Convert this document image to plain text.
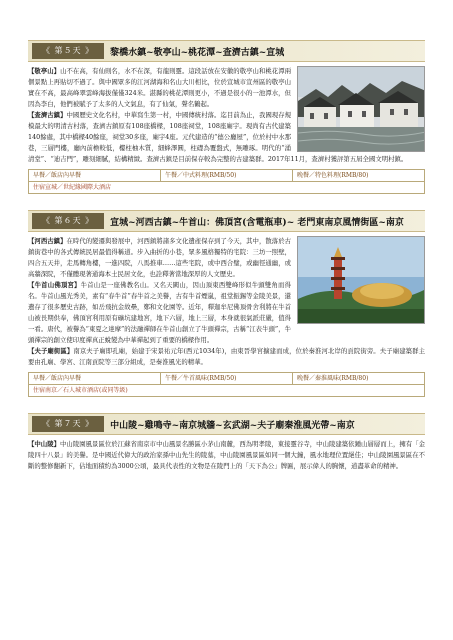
《 第５天 》	黎橋水鎮~敬亭山~桃花潭~查濟古鎮~宣城

【敬亭山】山不在高，有仙則名，水不在深，有龍則靈。這段話放在安徽的敬亭山和桃花潭兩個景點上再貼切不過了。與中國眾多的江河湖海和名山大川相比，位於宣城市宣州區的敬亭山實在不高，最高峰翠雲峰海拔僅僅324米。湛縣的桃花潭則更小，不過是很小的一池潭水，但因為李白，他們被賦予了太多的人文氣息，有了仙氣，聲名鶴起。

【查濟古鎮】中國歷史文化名村，中華寫生第一村，中國傳統村落。迄目前為止，我國現存規模最大的明清古村落，查濟古鎮原有108座橋樑，108座祠堂，108座廟宇。現尚有古代建築140餘處，其中橋樑40餘座，祠堂30多座，廟宇4座。元代建造的“德公廳屋”，位於村中水那巷，三層門樓，廳內前檐較低，樓柱柚木質，細蜂澤圓，柱礎為覆盤式，無雕琢。明代的“涌清堂”、“迪吉門”，雕刻細膩，結構精緻。查濟古鎮是目前保存較為完整的古建築群。2017年11月，查濟村獲評第五屆全國文明村鎮。

早餐／飯店內早餐	午餐／中式料理(RMB/50)	晚餐／特色料理(RMB/80)
住宿宣城／世紀緣國際大酒店
《 第６天 》	宣城~河西古鎮~牛首山：佛頂宮(含電瓶車)~ 老門東南京風情街區~南京

【河西古鎮】在時代的變遷與發展中，河西鎮將諸多文化遺產保存到了今天，其中，散落於古鎮街巷中的各式傳統民居最值得稱道。步入曲折的小巷，眾多風格獨特的宅院：三坊一照壁，四合五天井，走馬轉角樓，一進四院，八馬推車……這些宅院，或中西合璧，或幽徑通幽，或高牆深院，不僅體現著通海本土民居文化，也詮釋著當地深厚的人文歷史。

【牛首山佛頂宮】牛首山是一座佛教名山。又名天闕山，因山頂東西雙峰形似牛頭雙角而得名。牛首山風光秀美，素有“春牛首”春牛首之美譽，古有牛首煙嵐，祖堂振錫等金陵美景，還遺存了很多歷史古跡，如岳飛抗金故壘，鄭和文化園等。近年，釋迦牟尼佛頂骨舍利將在牛首山被長期供奉，佛頂宮利用原有礦坑建地宮，地下六層，地上三層，本身就很氣派莊嚴，值得一看。唐代，被譽為“東夏之達摩”的法融禪師在牛首山創立了牛頭禪宗，古稱“江表牛頭”，牛頭禪宗的創立使印度禪真正蛻變為中華禪起到了重要的橋樑作用。

【夫子廟街區】南京夫子廟即孔廟，始建于宋景祐元年(西元1034年)，由東晉學宮擴建而成，位於秦淮河北岸的貢院街旁。夫子廟建築群主要由孔廟、學宮、江南貢院等三部分組成，是秦淮風光的精華。

早餐／飯店內早餐	午餐／牛首風味(RMB/50)	晚餐／秦淮風味(RMB/80)
住宿南京／石人城市酒店(或同等級)
《 第７天 》	中山陵~雞鳴寺~南京城牆~玄武湖~夫子廟秦淮風光帶~南京

【中山陵】中山陵園風景區位於江蘇省南京市中山風景名勝區小茅山南麓，西為明孝陵，東接靈谷寺，中山陵建築依鍾山層層而上，擁有「金陵四十八景」的美譽。是中國近代偉大的政治家孫中山先生的陵墓，中山陵園風景區如同一個大鐘，風水地理位置絕佳；中山陵園風景區在不斷的整修翻新下，佔地面積約為3000公頃，最具代表性的文物是在陵門上的「天下為公」牌匾，展示偉人的胸懷，道盡革命的精神。
